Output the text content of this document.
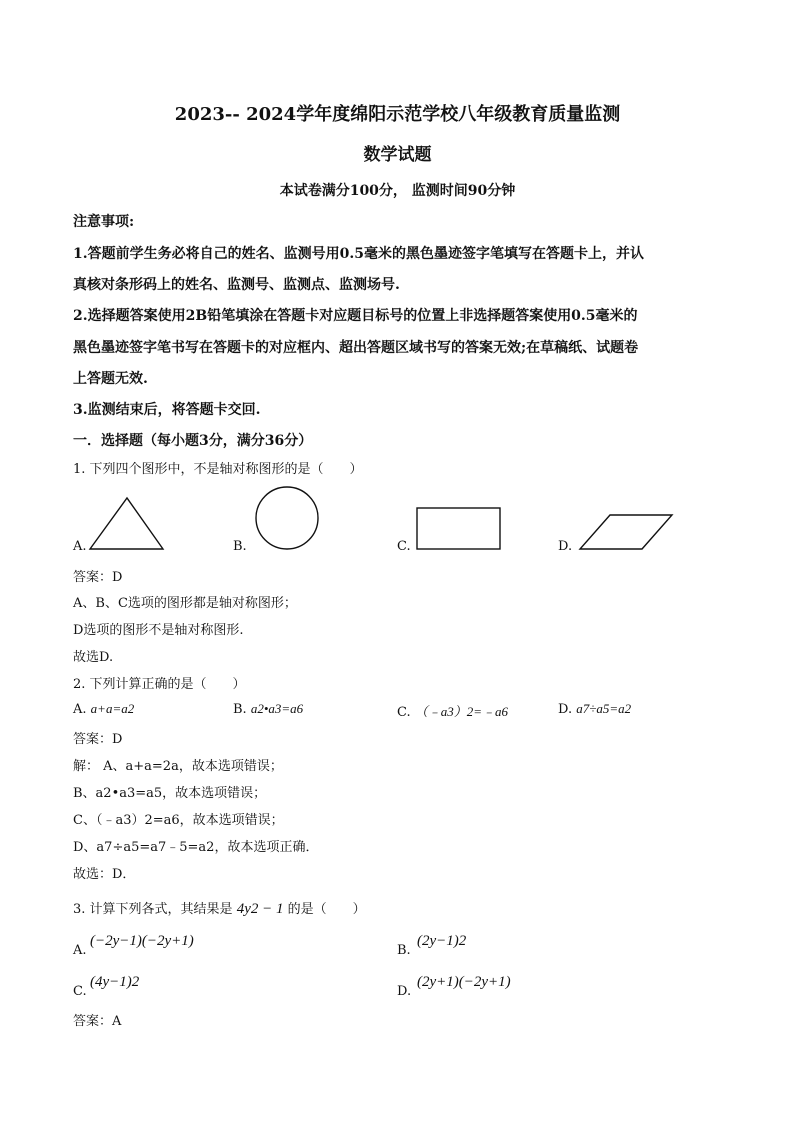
2023-- 2024学年度绵阳示范学校八年级教育质量监测
数学试题
本试卷满分100分， 监测时间90分钟
注意事项:
1.答题前学生务必将自己的姓名、监测号用0.5毫米的黑色墨迹签字笔填写在答题卡上，并认
真核对条形码上的姓名、监测号、监测点、监测场号.
2.选择题答案使用2B铅笔填涂在答题卡对应题目标号的位置上非选择题答案使用0.5毫米的
黑色墨迹签字笔书写在答题卡的对应框内、超出答题区域书写的答案无效;在草稿纸、试题卷
上答题无效.
3.监测结束后，将答题卡交回.
一．选择题（每小题3分，满分36分）
1. 下列四个图形中，不是轴对称图形的是（　　）
A.	B.	C.	D.
答案：D
A、B、C选项的图形都是轴对称图形；
D选项的图形不是轴对称图形.
故选D.
2. 下列计算正确的是（　　）
A. a+a=a2	B. a2•a3=a6	C. （﹣a3）2=﹣a6	D. a7÷a5=a2
答案：D
解： A、a+a=2a，故本选项错误；
B、a2•a3=a5，故本选项错误；
C、（﹣a3）2=a6，故本选项错误；
D、a7÷a5=a7﹣5=a2，故本选项正确．
故选：D．
3. 计算下列各式，其结果是 4y2 − 1 的是（　　）
A.
(−2y−1)(−2y+1)
B.
(2y−1)2
C.
(4y−1)2
D.
(2y+1)(−2y+1)
答案：A
